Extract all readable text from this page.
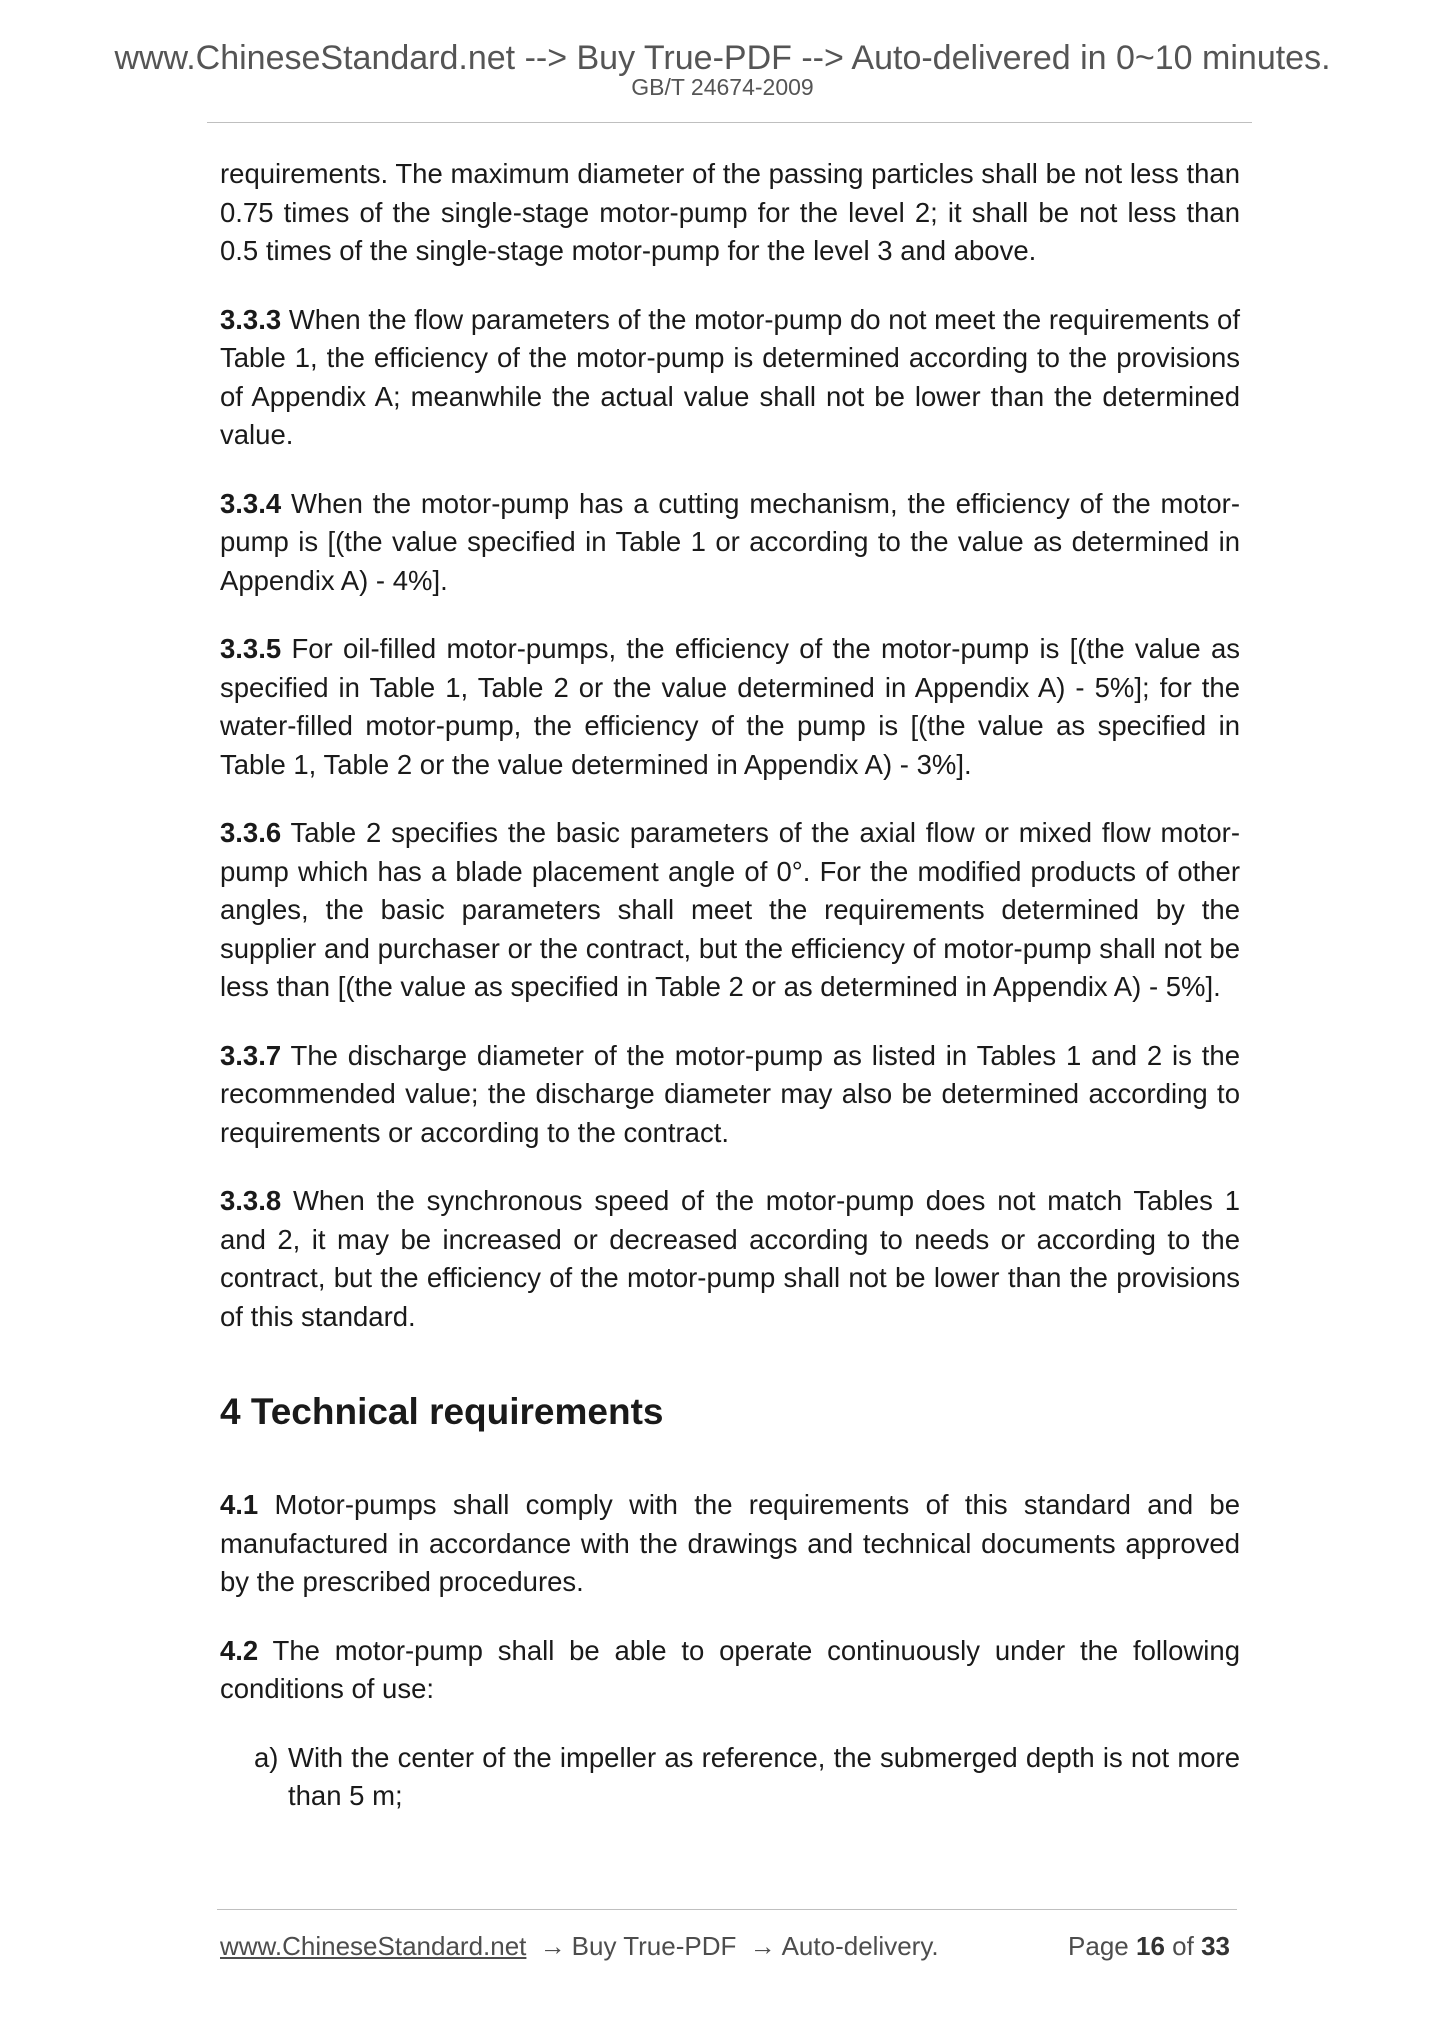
www.ChineseStandard.net --> Buy True-PDF --> Auto-delivered in 0~10 minutes.
GB/T 24674-2009

requirements. The maximum diameter of the passing particles shall be not less than 0.75 times of the single-stage motor-pump for the level 2; it shall be not less than 0.5 times of the single-stage motor-pump for the level 3 and above.

3.3.3 When the flow parameters of the motor-pump do not meet the requirements of Table 1, the efficiency of the motor-pump is determined according to the provisions of Appendix A; meanwhile the actual value shall not be lower than the determined value.

3.3.4 When the motor-pump has a cutting mechanism, the efficiency of the motor-pump is [(the value specified in Table 1 or according to the value as determined in Appendix A) - 4%].

3.3.5 For oil-filled motor-pumps, the efficiency of the motor-pump is [(the value as specified in Table 1, Table 2 or the value determined in Appendix A) - 5%]; for the water-filled motor-pump, the efficiency of the pump is [(the value as specified in Table 1, Table 2 or the value determined in Appendix A) - 3%].

3.3.6 Table 2 specifies the basic parameters of the axial flow or mixed flow motor-pump which has a blade placement angle of 0°. For the modified products of other angles, the basic parameters shall meet the requirements determined by the supplier and purchaser or the contract, but the efficiency of motor-pump shall not be less than [(the value as specified in Table 2 or as determined in Appendix A) - 5%].

3.3.7 The discharge diameter of the motor-pump as listed in Tables 1 and 2 is the recommended value; the discharge diameter may also be determined according to requirements or according to the contract.

3.3.8 When the synchronous speed of the motor-pump does not match Tables 1 and 2, it may be increased or decreased according to needs or according to the contract, but the efficiency of the motor-pump shall not be lower than the provisions of this standard.

4 Technical requirements

4.1 Motor-pumps shall comply with the requirements of this standard and be manufactured in accordance with the drawings and technical documents approved by the prescribed procedures.

4.2 The motor-pump shall be able to operate continuously under the following conditions of use:

a) With the center of the impeller as reference, the submerged depth is not more than 5 m;
www.ChineseStandard.net → Buy True-PDF → Auto-delivery.	Page 16 of 33
